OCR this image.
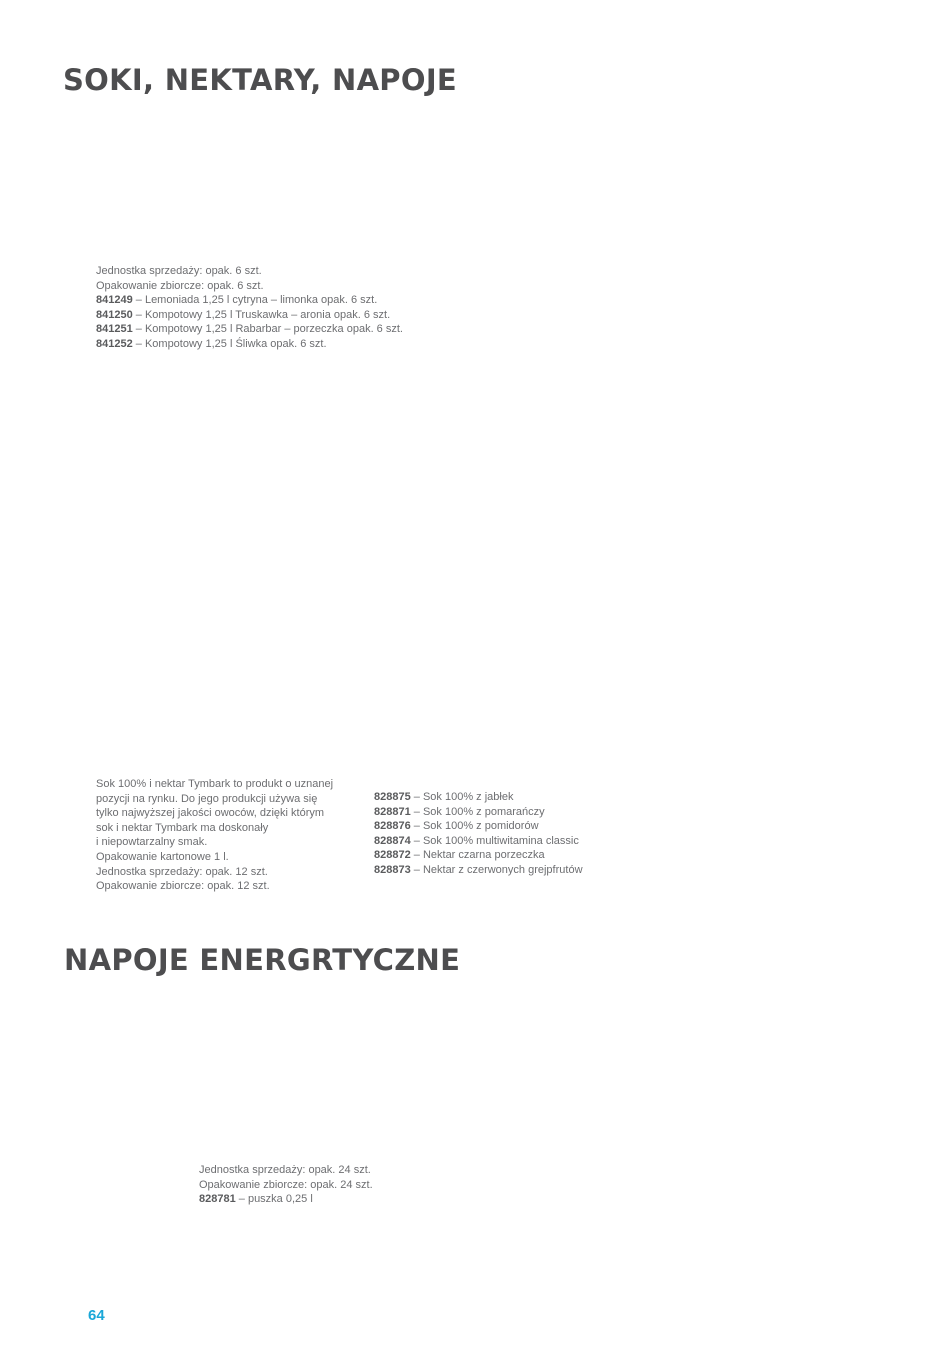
SOKI, NEKTARY, NAPOJE
Jednostka sprzedaży: opak. 6 szt.
Opakowanie zbiorcze: opak. 6 szt.
841249 – Lemoniada 1,25 l cytryna – limonka opak. 6 szt.
841250 – Kompotowy 1,25 l Truskawka – aronia opak. 6 szt.
841251 – Kompotowy 1,25 l Rabarbar – porzeczka opak. 6 szt.
841252 – Kompotowy 1,25 l Śliwka opak. 6 szt.
Sok 100% i nektar Tymbark to produkt o uznanej
pozycji na rynku. Do jego produkcji używa się
tylko najwyższej jakości owoców, dzięki którym
sok i nektar Tymbark ma doskonały
i niepowtarzalny smak.
Opakowanie kartonowe 1 l.
Jednostka sprzedaży: opak. 12 szt.
Opakowanie zbiorcze: opak. 12 szt.
828875 – Sok 100% z jabłek
828871 – Sok 100% z pomarańczy
828876 – Sok 100% z pomidorów
828874 – Sok 100% multiwitamina classic
828872 – Nektar czarna porzeczka
828873 – Nektar z czerwonych grejpfrutów
NAPOJE ENERGRTYCZNE
Jednostka sprzedaży: opak. 24 szt.
Opakowanie zbiorcze: opak. 24 szt.
828781 – puszka 0,25 l
64
